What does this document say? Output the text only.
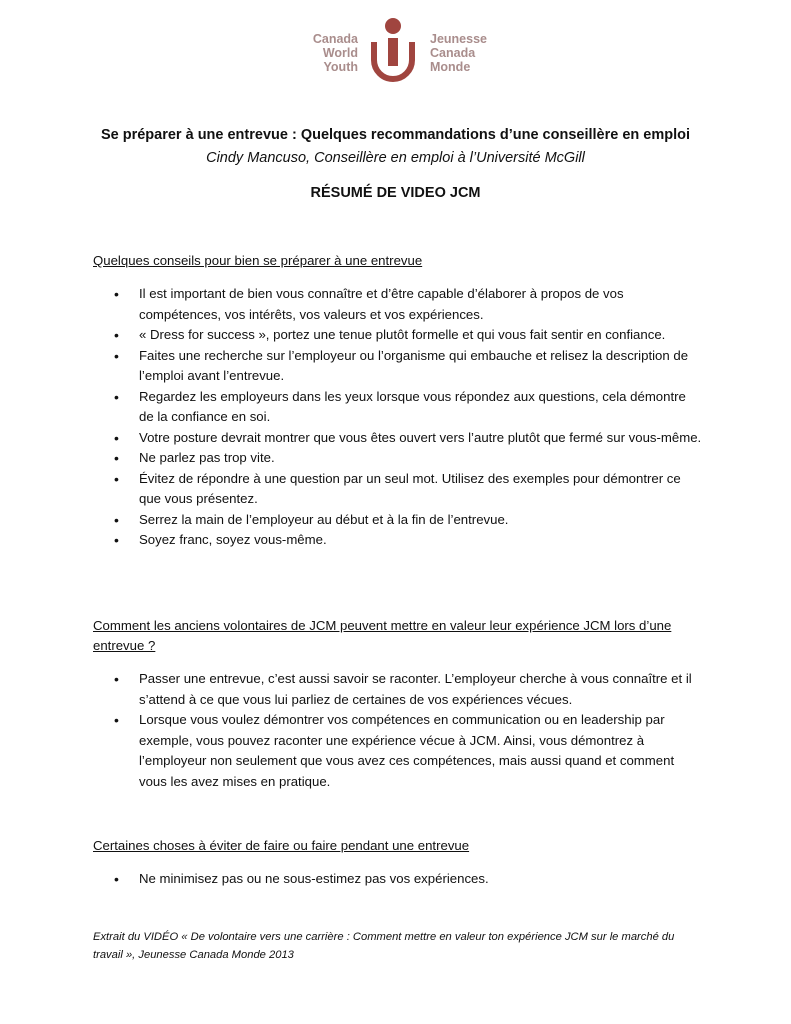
Canada
World
Youth
Jeunesse
Canada
Monde
Se préparer à une entrevue : Quelques recommandations d’une conseillère en emploi
Cindy Mancuso, Conseillère en emploi à l’Université McGill
RÉSUMÉ DE VIDEO JCM
Quelques conseils pour bien se préparer à une entrevue
• Il est important de bien vous connaître et d’être capable d’élaborer à propos de vos compétences, vos intérêts, vos valeurs et vos expériences.
• « Dress for success », portez une tenue plutôt formelle et qui vous fait sentir en confiance.
• Faites une recherche sur l’employeur ou l’organisme qui embauche et relisez la description de l’emploi avant l’entrevue.
• Regardez les employeurs dans les yeux lorsque vous répondez aux questions, cela démontre de la confiance en soi.
• Votre posture devrait montrer que vous êtes ouvert vers l’autre plutôt que fermé sur vous-même.
• Ne parlez pas trop vite.
• Évitez de répondre à une question par un seul mot. Utilisez des exemples pour démontrer ce que vous présentez.
• Serrez la main de l’employeur au début et à la fin de l’entrevue.
• Soyez franc, soyez vous-même.
Comment les anciens volontaires de JCM peuvent mettre en valeur leur expérience JCM lors d’une entrevue ?
• Passer une entrevue, c’est aussi savoir se raconter. L’employeur cherche à vous connaître et il s’attend à ce que vous lui parliez de certaines de vos expériences vécues.
• Lorsque vous voulez démontrer vos compétences en communication ou en leadership par exemple, vous pouvez raconter une expérience vécue à JCM. Ainsi, vous démontrez à l’employeur non seulement que vous avez ces compétences, mais aussi quand et comment vous les avez mises en pratique.
Certaines choses à éviter de faire ou faire pendant une entrevue
• Ne minimisez pas ou ne sous-estimez pas vos expériences.
Extrait du VIDÉO « De volontaire vers une carrière : Comment mettre en valeur ton expérience JCM sur le marché du travail », Jeunesse Canada Monde 2013
